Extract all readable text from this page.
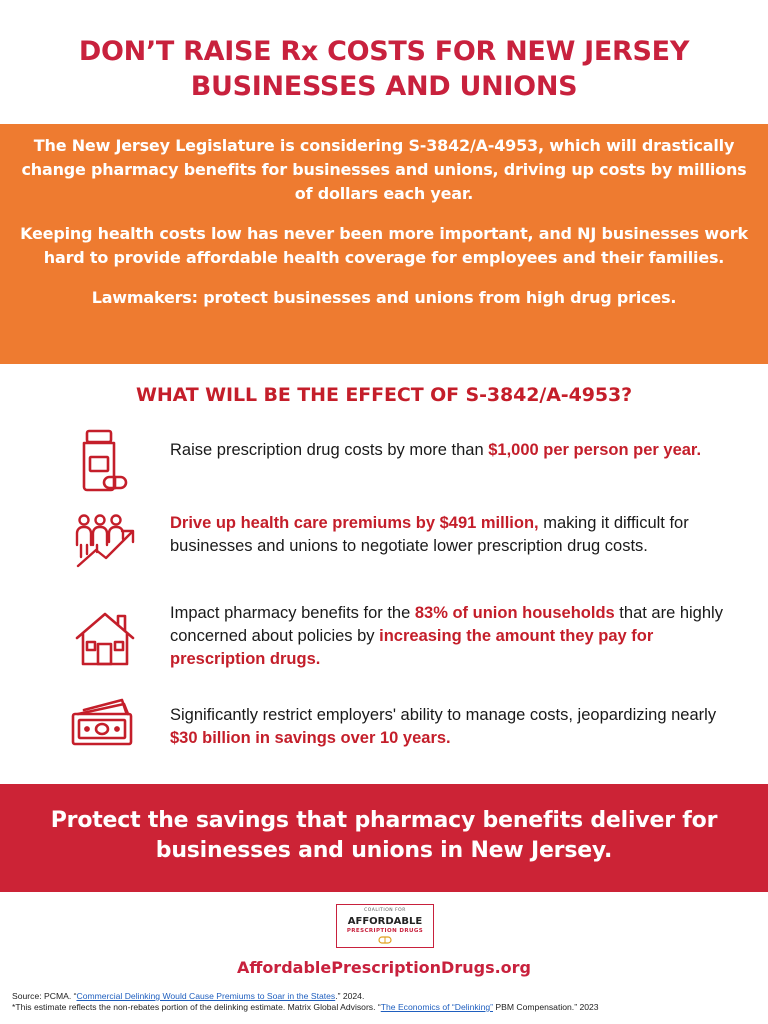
DON’T RAISE Rx COSTS FOR NEW JERSEY
BUSINESSES AND UNIONS

The New Jersey Legislature is considering S-3842/A-4953, which will drastically change pharmacy benefits for businesses and unions, driving up costs by millions of dollars each year.

Keeping health costs low has never been more important, and NJ businesses work hard to provide affordable health coverage for employees and their families.

Lawmakers: protect businesses and unions from high drug prices.

WHAT WILL BE THE EFFECT OF S-3842/A-4953?
Raise prescription drug costs by more than $1,000 per person per year.
Drive up health care premiums by $491 million, making it difficult for businesses and unions to negotiate lower prescription drug costs.
Impact pharmacy benefits for the 83% of union households that are highly concerned about policies by increasing the amount they pay for prescription drugs.
Significantly restrict employers' ability to manage costs, jeopardizing nearly $30 billion in savings over 10 years.
Protect the savings that pharmacy benefits deliver for businesses and unions in New Jersey.
COALITION FOR
AFFORDABLE
PRESCRIPTION DRUGS
AffordablePrescriptionDrugs.org
Source: PCMA. “Commercial Delinking Would Cause Premiums to Soar in the States.” 2024.
*This estimate reflects the non-rebates portion of the delinking estimate. Matrix Global Advisors. “The Economics of “Delinking” PBM Compensation.” 2023
